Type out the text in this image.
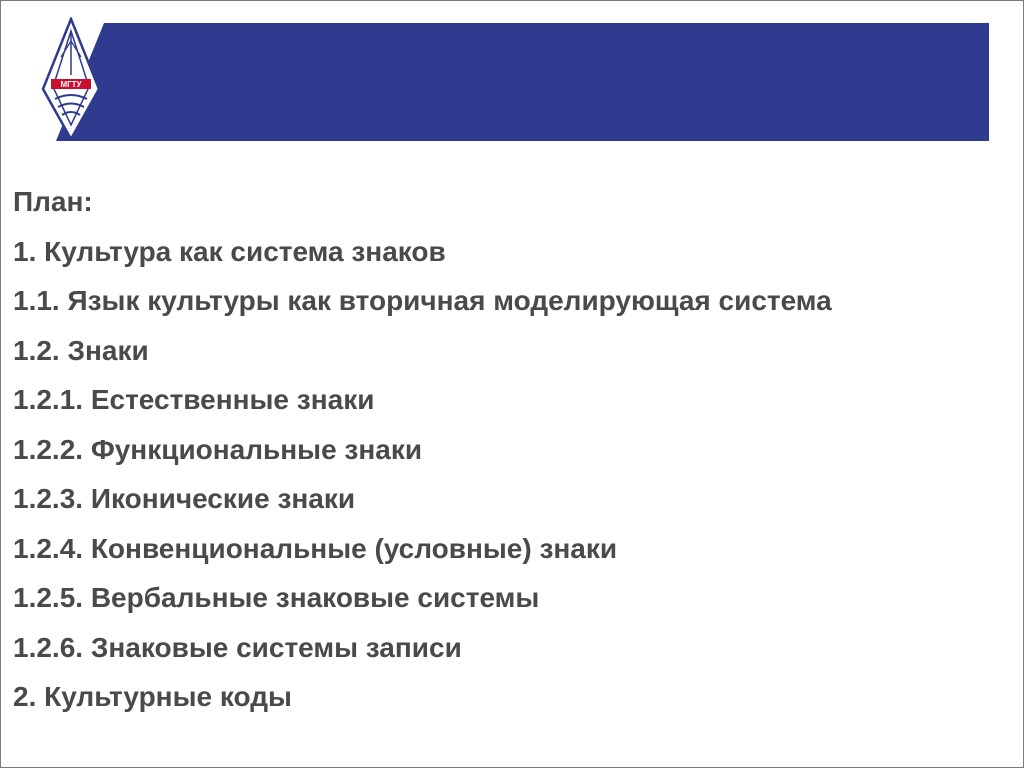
МГТУ
План:
1. Культура как система знаков
1.1. Язык культуры как вторичная моделирующая система
1.2. Знаки
1.2.1. Естественные знаки
1.2.2. Функциональные знаки
1.2.3. Иконические знаки
1.2.4. Конвенциональные (условные) знаки
1.2.5. Вербальные знаковые системы
1.2.6. Знаковые системы записи
2. Культурные коды
